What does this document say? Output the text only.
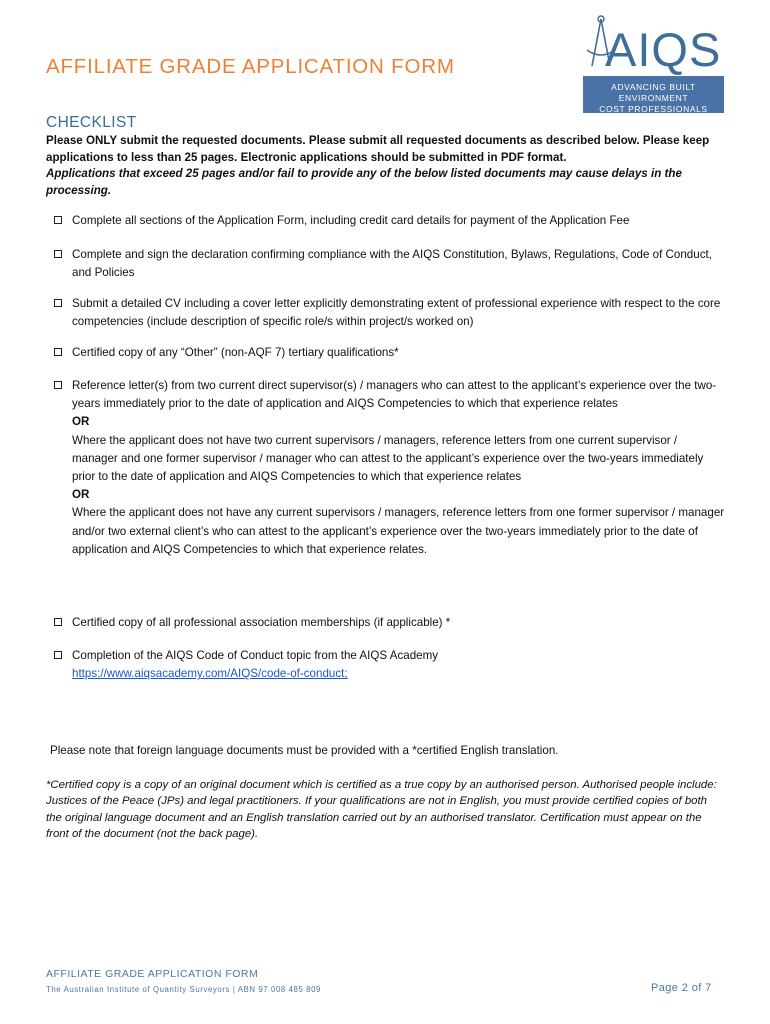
AIQS
ADVANCING BUILT ENVIRONMENT
COST PROFESSIONALS
AFFILIATE GRADE APPLICATION FORM
CHECKLIST

Please ONLY submit the requested documents. Please submit all requested documents as described below. Please keep applications to less than 25 pages. Electronic applications should be submitted in PDF format.

Applications that exceed 25 pages and/or fail to provide any of the below listed documents may cause delays in the processing.

Complete all sections of the Application Form, including credit card details for payment of the Application Fee
Complete and sign the declaration confirming compliance with the AIQS Constitution, Bylaws, Regulations, Code of Conduct, and Policies
Submit a detailed CV including a cover letter explicitly demonstrating extent of professional experience with respect to the core competencies (include description of specific role/s within project/s worked on)
Certified copy of any “Other” (non-AQF 7) tertiary qualifications*
Reference letter(s) from two current direct supervisor(s) / managers who can attest to the applicant’s experience over the two-years immediately prior to the date of application and AIQS Competencies to which that experience relates
OR
Where the applicant does not have two current supervisors / managers, reference letters from one current supervisor / manager and one former supervisor / manager who can attest to the applicant’s experience over the two-years immediately prior to the date of application and AIQS Competencies to which that experience relates
OR
Where the applicant does not have any current supervisors / managers, reference letters from one former supervisor / manager and/or two external client’s who can attest to the applicant’s experience over the two-years immediately prior to the date of application and AIQS Competencies to which that experience relates.
Certified copy of all professional association memberships (if applicable) *
Completion of the AIQS Code of Conduct topic from the AIQS Academy
https://www.aiqsacademy.com/AIQS/code-of-conduct;
Please note that foreign language documents must be provided with a *certified English translation.

*Certified copy is a copy of an original document which is certified as a true copy by an authorised person. Authorised people include: Justices of the Peace (JPs) and legal practitioners. If your qualifications are not in English, you must provide certified copies of both the original language document and an English translation carried out by an authorised translator. Certification must appear on the front of the document (not the back page).

AFFILIATE GRADE APPLICATION FORM
The Australian Institute of Quantity Surveyors | ABN 97 008 485 809	Page 2 of 7
